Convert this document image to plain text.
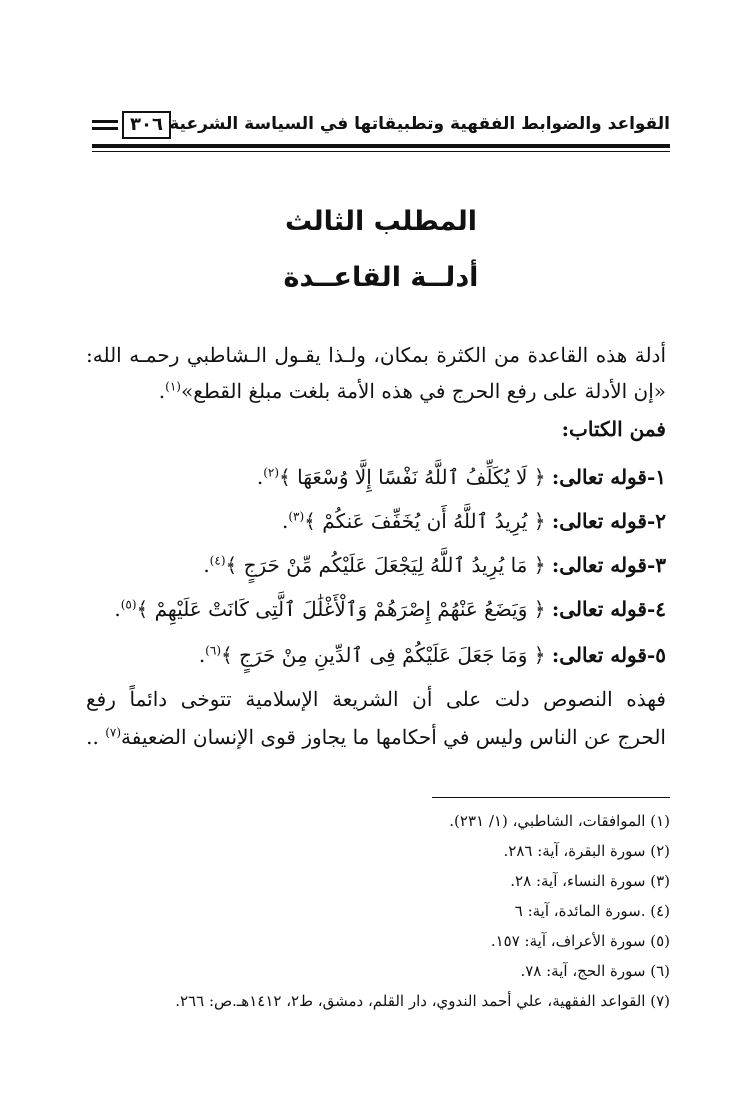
القواعد والضوابط الفقهية وتطبيقاتها في السياسة الشرعية
٣٠٦
المطلب الثالث
أدلــة القاعــدة
أدلة هذه القاعدة من الكثرة بمكان، ولـذا يقـول الـشاطبي رحمـه الله:
«إن الأدلة على رفع الحرج في هذه الأمة بلغت مبلغ القطع»$^{(١)}$.
فمن الكتاب:
١-قوله تعالى: ﴿ لَا يُكَلِّفُ ٱللَّهُ نَفْسًا إِلَّا وُسْعَهَا ﴾$^{(٢)}$.
٢-قوله تعالى: ﴿ يُرِيدُ ٱللَّهُ أَن يُخَفِّفَ عَنكُمْ ﴾$^{(٣)}$.
٣-قوله تعالى: ﴿ مَا يُرِيدُ ٱللَّهُ لِيَجْعَلَ عَلَيْكُم مِّنْ حَرَجٍ ﴾$^{(٤)}$.
٤-قوله تعالى: ﴿ وَيَضَعُ عَنْهُمْ إِصْرَهُمْ وَٱلْأَغْلَٰلَ ٱلَّتِى كَانَتْ عَلَيْهِمْ ﴾$^{(٥)}$.
٥-قوله تعالى: ﴿ وَمَا جَعَلَ عَلَيْكُمْ فِى ٱلدِّينِ مِنْ حَرَجٍ ﴾$^{(٦)}$.
فهذه النصوص دلت على أن الشريعة الإسلامية تتوخى دائماً رفع
الحرج عن الناس وليس في أحكامها ما يجاوز قوى الإنسان الضعيفة$^{(٧)}$ ..
(١) الموافقات، الشاطبي، (١/ ٢٣١).
(٢) سورة البقرة، آية: ٢٨٦.
(٣) سورة النساء، آية: ٢٨.
(٤) .سورة المائدة، آية: ٦
(٥) سورة الأعراف، آية: ١٥٧.
(٦) سورة الحج، آية: ٧٨.
(٧) القواعد الفقهية، علي أحمد الندوي، دار القلم، دمشق، ط٢، ١٤١٢هـ.ص: ٢٦٦.
